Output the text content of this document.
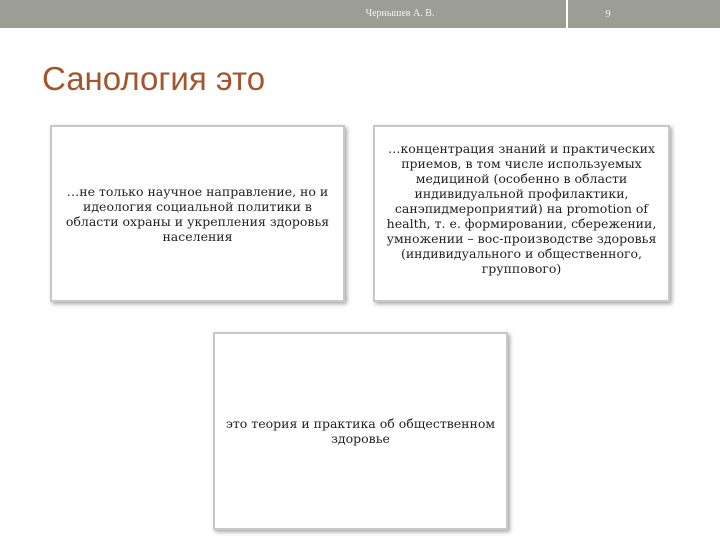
Чернышев А. В.	9
Санология это
…не только научное направление, но и идеология социальной политики в области охраны и укрепления здоровья населения
…концентрация знаний и практических приемов, в том числе используемых медициной (особенно в области индивидуальной профилактики, санэпидмероприятий) на promotion of health, т. е. формировании, сбережении, умножении – вос-производстве здоровья (индивидуального и общественного, группового)
это теория и практика об общественном здоровье
